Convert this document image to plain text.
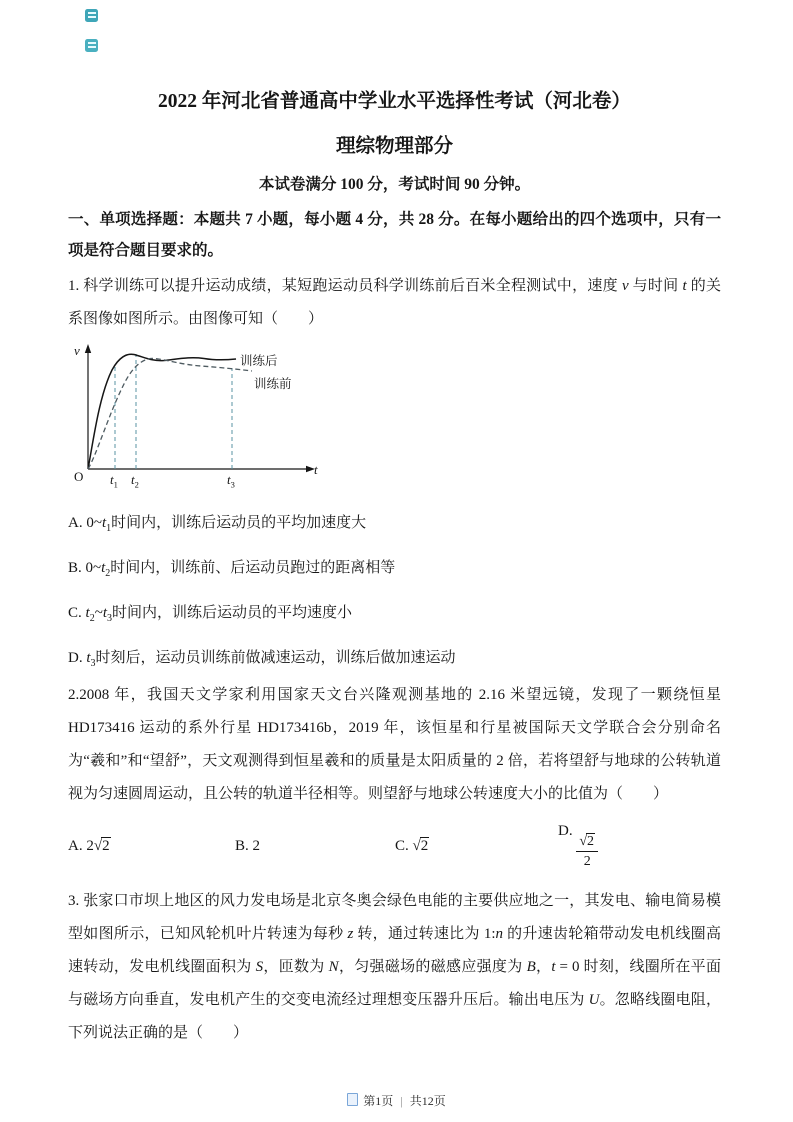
2022 年河北省普通高中学业水平选择性考试（河北卷）
理综物理部分
本试卷满分 100 分，考试时间 90 分钟。
一、单项选择题：本题共 7 小题，每小题 4 分，共 28 分。在每小题给出的四个选项中，只有一项是符合题目要求的。

1. 科学训练可以提升运动成绩，某短跑运动员科学训练前后百米全程测试中，速度 v 与时间 t 的关系图像如图所示。由图像可知（　　）

v
t
O
训练后
训练前
$t_1$ $t_2$	$t_3$
A. $0\sim t_1$时间内，训练后运动员的平均加速度大
B. $0\sim t_2$时间内，训练前、后运动员跑过的距离相等
C. $t_2\sim t_3$时间内，训练后运动员的平均速度小
D. $t_3$时刻后，运动员训练前做减速运动，训练后做加速运动

2.2008 年，我国天文学家利用国家天文台兴隆观测基地的 2.16 米望远镜，发现了一颗绕恒星 HD173416 运动的系外行星 HD173416b，2019 年，该恒星和行星被国际天文学联合会分别命名为“羲和”和“望舒”，天文观测得到恒星羲和的质量是太阳质量的 2 倍，若将望舒与地球的公转轨道视为匀速圆周运动，且公转的轨道半径相等。则望舒与地球公转速度大小的比值为（　　）

A. 2√2	B. 2	C. √2
D.
$\frac{√2}{2}$

3. 张家口市坝上地区的风力发电场是北京冬奥会绿色电能的主要供应地之一，其发电、输电简易模型如图所示，已知风轮机叶片转速为每秒 z 转，通过转速比为 1:n 的升速齿轮箱带动发电机线圈高速转动，发电机线圈面积为 S，匝数为 N，匀强磁场的磁感应强度为 B，t = 0 时刻，线圈所在平面与磁场方向垂直，发电机产生的交变电流经过理想变压器升压后。输出电压为 U。忽略线圈电阻，下列说法正确的是（　　）

第1页 | 共12页
